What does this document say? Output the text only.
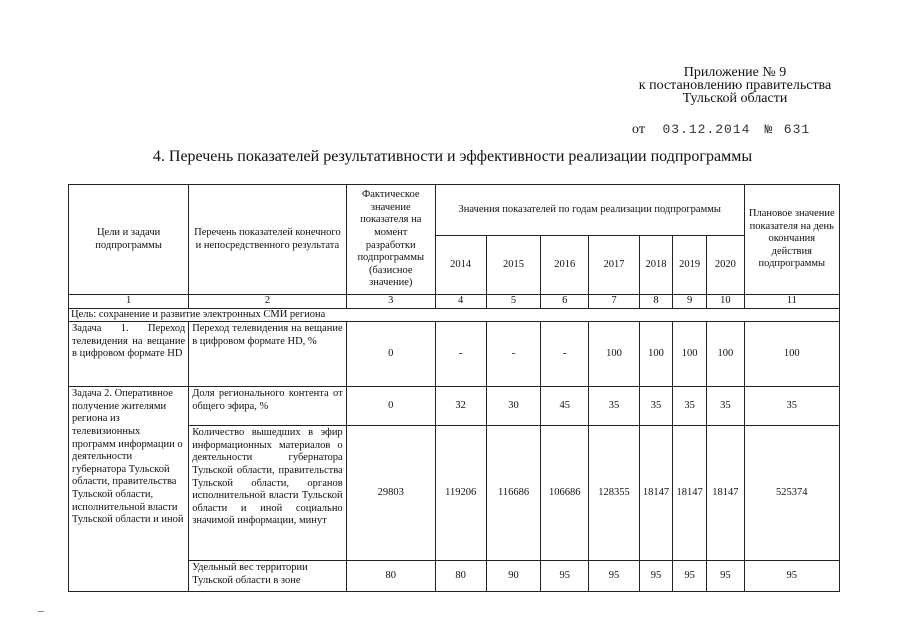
Приложение № 9
к постановлению правительства
Тульской области
от 03.12.2014 № 631
4. Перечень показателей результативности и эффективности реализации подпрограммы
Цели и задачи подпрограммы	Перечень показателей конечного и непосредственного результата	Фактическое значение показателя на момент разработки подпрограммы (базисное значение)	Значения показателей по годам реализации подпрограммы							Плановое значение показателя на день окончания действия подпрограммы
			2014	2015	2016	2017	2018	2019	2020	
1	2	3	4	5	6	7	8	9	10	11
Цель: сохранение и развитие электронных СМИ региона										
Задача 1. Переход телевидения на вещание в цифровом формате HD	Переход телевидения на вещание в цифровом формате HD, %	0	-	-	-	100	100	100	100	100
Задача 2. Оперативное получение жителями региона из телевизионных программ информации о деятельности губернатора Тульской области, правительства Тульской области, исполнительной власти Тульской области и иной	Доля регионального контента от общего эфира, %	0	32	30	45	35	35	35	35	35
	Количество вышедших в эфир информационных материалов о деятельности губернатора Тульской области, правительства Тульской области, органов исполнительной власти Тульской области и иной социально значимой информации, минут	29803	119206	116686	106686	128355	18147	18147	18147	525374
	Удельный вес территории Тульской области в зоне	80	80	90	95	95	95	95	95	95
